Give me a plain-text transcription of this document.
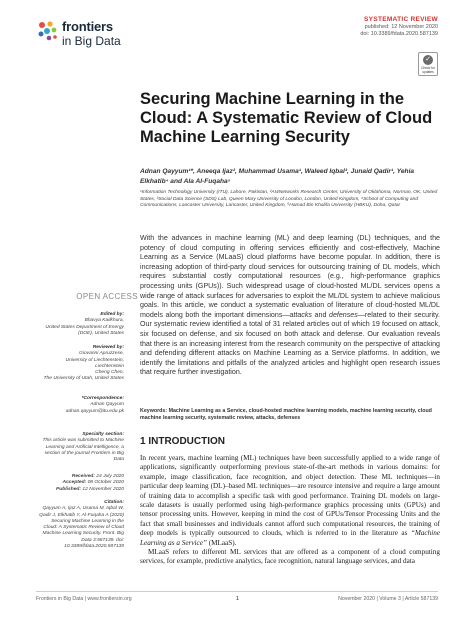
frontiers
in Big Data
SYSTEMATIC REVIEW
published: 12 November 2020
doi: 10.3389/fdata.2020.587139
✓
Check for updates
Securing Machine Learning in the Cloud: A Systematic Review of Cloud Machine Learning Security
Adnan Qayyum¹*, Aneeqa Ijaz², Muhammad Usama¹, Waleed Iqbal³, Junaid Qadir¹, Yehia Elkhatib⁴ and Ala Al-Fuqaha⁵
¹Information Technology University (ITU), Lahore, Pakistan, ²AI4Networks Research Center, University of Oklahoma, Norman, OK, United States, ³Social Data Science (SDS) Lab, Queen Mary University of London, London, United Kingdom, ⁴School of Computing and Communications, Lancaster University, Lancaster, United Kingdom, ⁵Hamad Bin Khalifa University (HBKU), Doha, Qatar
With the advances in machine learning (ML) and deep learning (DL) techniques, and the potency of cloud computing in offering services efficiently and cost-effectively, Machine Learning as a Service (MLaaS) cloud platforms have become popular. In addition, there is increasing adoption of third-party cloud services for outsourcing training of DL models, which requires substantial costly computational resources (e.g., high-performance graphics processing units (GPUs)). Such widespread usage of cloud-hosted ML/DL services opens a wide range of attack surfaces for adversaries to exploit the ML/DL system to achieve malicious goals. In this article, we conduct a systematic evaluation of literature of cloud-hosted ML/DL models along both the important dimensions—attacks and defenses—related to their security. Our systematic review identified a total of 31 related articles out of which 19 focused on attack, six focused on defense, and six focused on both attack and defense. Our evaluation reveals that there is an increasing interest from the research community on the perspective of attacking and defending different attacks on Machine Learning as a Service platforms. In addition, we identify the limitations and pitfalls of the analyzed articles and highlight open research issues that require further investigation.
Keywords: Machine Learning as a Service, cloud-hosted machine learning models, machine learning security, cloud machine learning security, systematic review, attacks, defenses
OPEN ACCESS
Edited by:
Bhavya Kailkhura,
United States Department of Energy (DOE), United States
Reviewed by:
Giovanni Apruzzese,
University of Liechtenstein, Liechtenstein
Cheng Chen,
The University of Utah, United States
*Correspondence:
Adnan Qayyum
adnan.qayyum@itu.edu.pk
Specialty section:
This article was submitted to Machine Learning and Artificial Intelligence, a section of the journal Frontiers in Big Data
Received: 24 July 2020
Accepted: 08 October 2020
Published: 12 November 2020
Citation:
Qayyum A, Ijaz A, Usama M, Iqbal W, Qadir J, Elkhatib Y, Al-Fuqaha A (2020) Securing Machine Learning in the Cloud: A Systematic Review of Cloud Machine Learning Security. Front. Big Data 3:587139. doi: 10.3389/fdata.2020.587139
1 INTRODUCTION

In recent years, machine learning (ML) techniques have been successfully applied to a wide range of applications, significantly outperforming previous state-of-the-art methods in various domains: for example, image classification, face recognition, and object detection. These ML techniques—in particular deep learning (DL)–based ML techniques—are resource intensive and require a large amount of training data to accomplish a specific task with good performance. Training DL models on large-scale datasets is usually performed using high-performance graphics processing units (GPUs) and tensor processing units. However, keeping in mind the cost of GPUs/Tensor Processing Units and the fact that small businesses and individuals cannot afford such computational resources, the training of deep models is typically outsourced to clouds, which is referred to in the literature as “Machine Learning as a Service” (MLaaS).

MLaaS refers to different ML services that are offered as a component of a cloud computing services, for example, predictive analytics, face recognition, natural language services, and data

Frontiers in Big Data | www.frontiersin.org	1	November 2020 | Volume 3 | Article 587139
